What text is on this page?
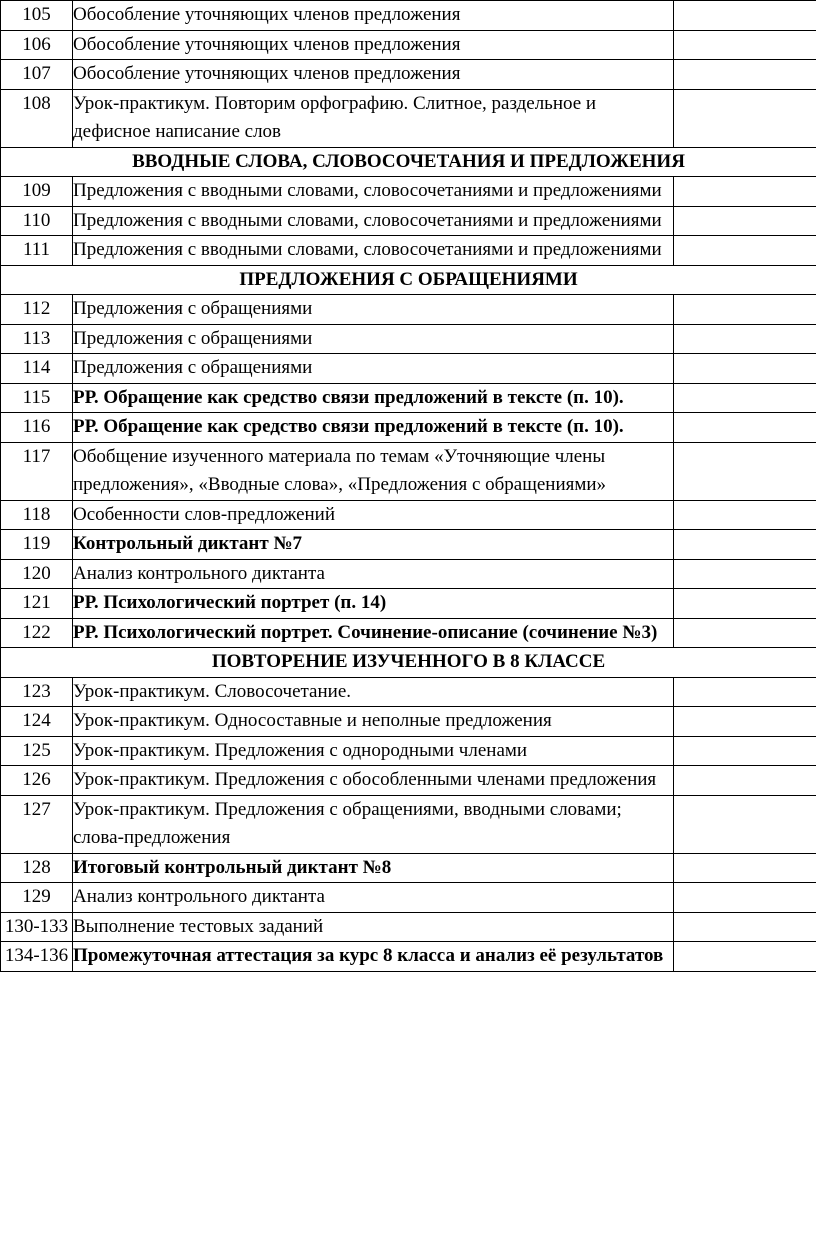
105	Обособление уточняющих членов предложения	
106	Обособление уточняющих членов предложения	
107	Обособление уточняющих членов предложения	
108	Урок-практикум. Повторим орфографию. Слитное, раздельное и дефисное написание слов	
ВВОДНЫЕ СЛОВА, СЛОВОСОЧЕТАНИЯ И ПРЕДЛОЖЕНИЯ		
109	Предложения с вводными словами, словосочетаниями и предложениями	
110	Предложения с вводными словами, словосочетаниями и предложениями	
111	Предложения с вводными словами, словосочетаниями и предложениями	
ПРЕДЛОЖЕНИЯ С ОБРАЩЕНИЯМИ		
112	Предложения с обращениями	
113	Предложения с обращениями	
114	Предложения с обращениями	
115	РР. Обращение как средство связи предложений в тексте (п. 10).	
116	РР. Обращение как средство связи предложений в тексте (п. 10).	
117	Обобщение изученного материала по темам «Уточняющие члены предложения», «Вводные слова», «Предложения с обращениями»	
118	Особенности слов-предложений	
119	Контрольный диктант №7	
120	Анализ контрольного диктанта	
121	РР. Психологический портрет (п. 14)	
122	РР. Психологический портрет. Сочинение-описание (сочинение №3)	
ПОВТОРЕНИЕ ИЗУЧЕННОГО В 8 КЛАССЕ		
123	Урок-практикум. Словосочетание.	
124	Урок-практикум. Односоставные и неполные предложения	
125	Урок-практикум. Предложения с однородными членами	
126	Урок-практикум. Предложения с обособленными членами предложения	
127	Урок-практикум. Предложения с обращениями, вводными словами; слова-предложения	
128	Итоговый контрольный диктант №8	
129	Анализ контрольного диктанта	
130-133	Выполнение тестовых заданий	
134-136	Промежуточная аттестация за курс 8 класса и анализ её результатов	
